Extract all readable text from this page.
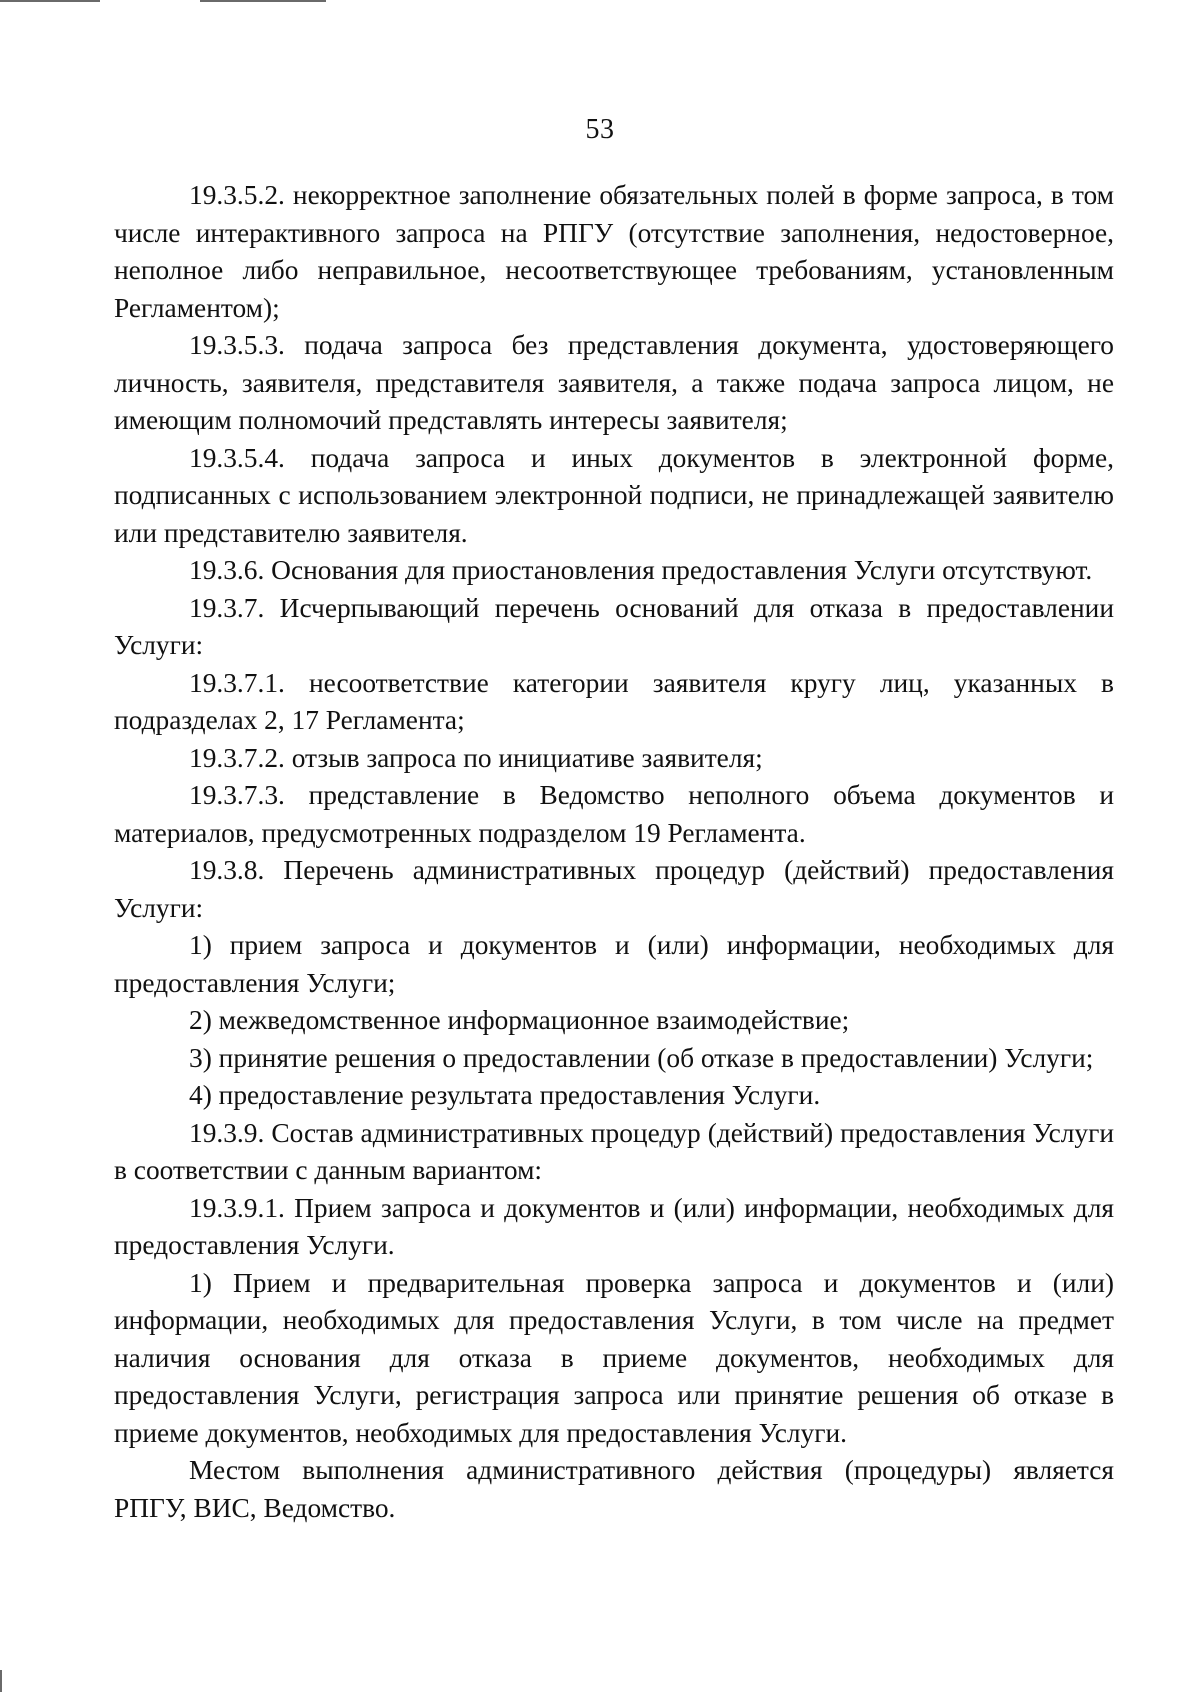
53

19.3.5.2. некорректное заполнение обязательных полей в форме запроса, в том числе интерактивного запроса на РПГУ (отсутствие заполнения, недостоверное, неполное либо неправильное, несоответствующее требованиям, установленным Регламентом);

19.3.5.3. подача запроса без представления документа, удостоверяющего личность, заявителя, представителя заявителя, а также подача запроса лицом, не имеющим полномочий представлять интересы заявителя;

19.3.5.4. подача запроса и иных документов в электронной форме, подписанных с использованием электронной подписи, не принадлежащей заявителю или представителю заявителя.

19.3.6. Основания для приостановления предоставления Услуги отсутствуют.

19.3.7. Исчерпывающий перечень оснований для отказа в предоставлении Услуги:

19.3.7.1. несоответствие категории заявителя кругу лиц, указанных в подразделах 2, 17 Регламента;

19.3.7.2. отзыв запроса по инициативе заявителя;

19.3.7.3. представление в Ведомство неполного объема документов и материалов, предусмотренных подразделом 19 Регламента.

19.3.8. Перечень административных процедур (действий) предоставления Услуги:

1) прием запроса и документов и (или) информации, необходимых для предоставления Услуги;

2) межведомственное информационное взаимодействие;

3) принятие решения о предоставлении (об отказе в предоставлении) Услуги;

4) предоставление результата предоставления Услуги.

19.3.9. Состав административных процедур (действий) предоставления Услуги в соответствии с данным вариантом:

19.3.9.1. Прием запроса и документов и (или) информации, необходимых для предоставления Услуги.

1) Прием и предварительная проверка запроса и документов и (или) информации, необходимых для предоставления Услуги, в том числе на предмет наличия основания для отказа в приеме документов, необходимых для предоставления Услуги, регистрация запроса или принятие решения об отказе в приеме документов, необходимых для предоставления Услуги.

Местом выполнения административного действия (процедуры) является РПГУ, ВИС, Ведомство.
